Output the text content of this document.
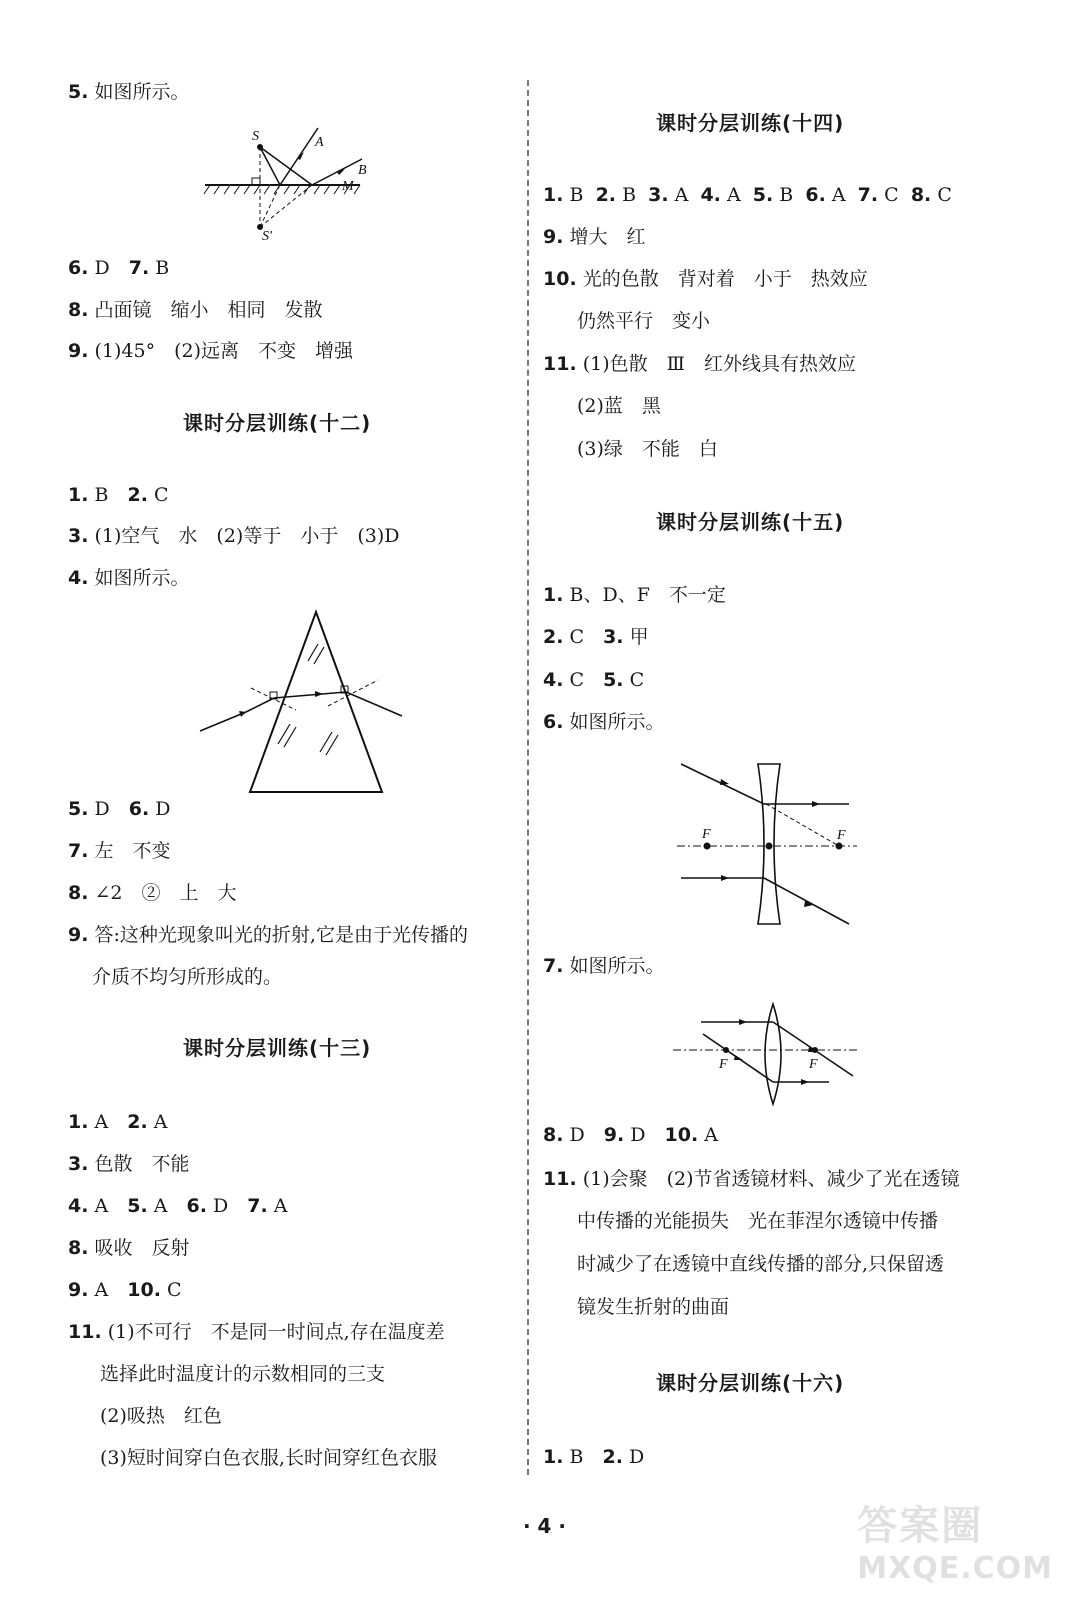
5. 如图所示。
S	A
B
M
S'
6. D　 7. B
8. 凸面镜　缩小　相同　发散
9. (1)45°　(2)远离　不变　增强
课时分层训练(十二)
1. B　 2. C
3. (1)空气　水　(2)等于　小于　(3)D
4. 如图所示。
5. D　 6. D
7. 左　不变
8. ∠2　②　上　大
9. 答:这种光现象叫光的折射,它是由于光传播的
介质不均匀所形成的。
课时分层训练(十三)
1. A　 2. A
3. 色散　不能
4. A　 5. A　 6. D　 7. A
8. 吸收　反射
9. A　 10. C
11. (1)不可行　不是同一时间点,存在温度差
选择此时温度计的示数相同的三支
(2)吸热　红色
(3)短时间穿白色衣服,长时间穿红色衣服
课时分层训练(十四)
1. B 2. B 3. A 4. A 5. B 6. A 7. C 8. C
9. 增大　红
10. 光的色散　背对着　小于　热效应
仍然平行　变小
11. (1)色散　Ⅲ　红外线具有热效应
(2)蓝　黑
(3)绿　不能　白
课时分层训练(十五)
1. B、D、F　不一定
2. C　 3. 甲
4. C　 5. C
6. 如图所示。
F	F
7. 如图所示。
F	F
8. D　 9. D　 10. A
11. (1)会聚　(2)节省透镜材料、减少了光在透镜
中传播的光能损失　光在菲涅尔透镜中传播
时减少了在透镜中直线传播的部分,只保留透
镜发生折射的曲面
课时分层训练(十六)
1. B　 2. D
· 4 ·	答案圈
MXQE.COM
